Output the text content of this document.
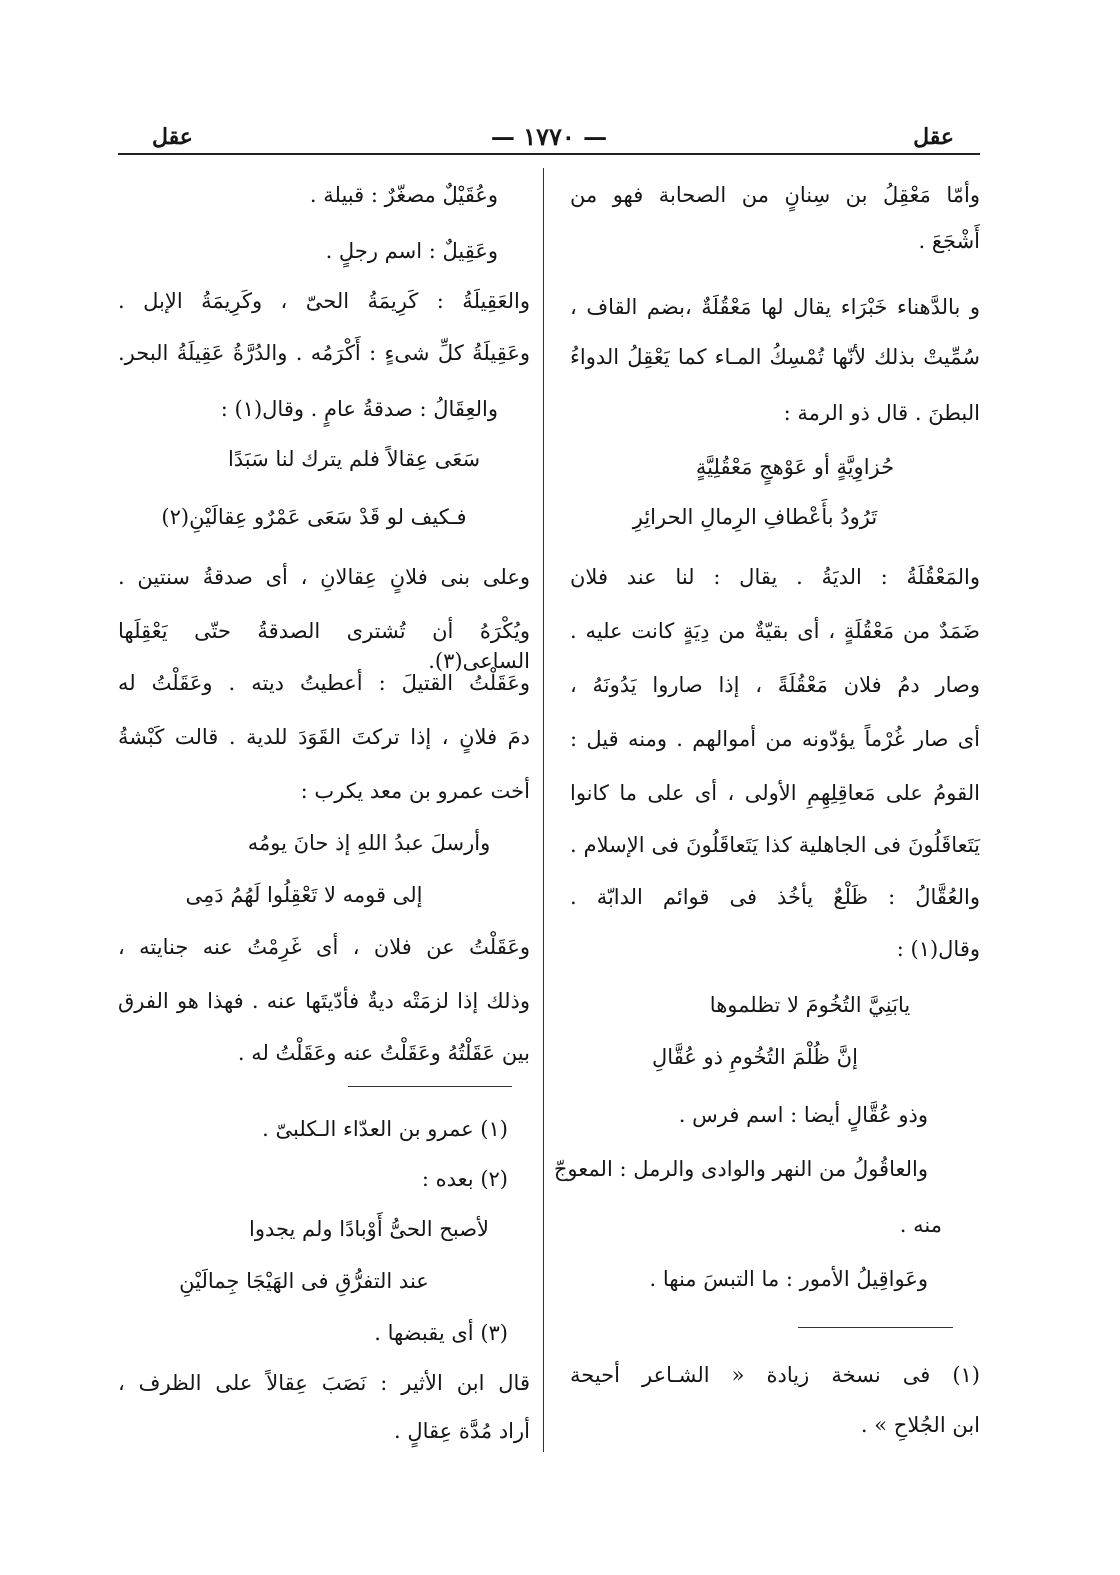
عقل	— ١٧٧٠ —	عقل
وأمّا مَعْقِلُ بن سِنانٍ من الصحابة فهو من
أَشْجَعَ .
و بالدَّهناء خَبْرَاء يقال لها مَعْقُلَةٌ ،بضم القاف ،
سُمِّيتْ بذلك لأنّها تُمْسِكُ المـاء كما يَعْقِلُ الدواءُ
البطنَ . قال ذو الرمة :
حُزاوِيَّةٍ أو عَوْهجٍ مَعْقُلِيَّةٍ
تَرُودُ بأَعْطافِ الرِمالِ الحرائِرِ
والمَعْقُلَةُ : الديَةُ . يقال : لنا عند فلان
ضَمَدٌ من مَعْقُلَةٍ ، أى بقيّةٌ من دِيَةٍ كانت عليه .
وصار دمُ فلان مَعْقُلَةً ، إذا صاروا يَدُونَهُ ،
أى صار غُرْماً يؤدّونه من أموالهم . ومنه قيل :
القومُ على مَعاقِلِهِمِ الأولى ، أى على ما كانوا
يَتَعاقَلُونَ فى الجاهلية كذا يَتَعاقَلُونَ فى الإسلام .
والعُقَّالُ : ظَلْعٌ يأخُذ فى قوائم الدابّة .
وقال(١) :
يابَنِيَّ التُخُومَ لا تظلموها
إنَّ ظُلْمَ التُخُومِ ذو عُقَّالِ
وذو عُقَّالٍ أيضا : اسم فرس .
والعاقُولُ من النهر والوادى والرمل : المعوجّ
منه .
وعَواقِيلُ الأمور : ما التبسَ منها .
(١) فى نسخة زيادة « الشـاعر أحيحة
ابن الجُلاحِ » .
وعُقَيْلٌ مصغّرٌ : قبيلة .
وعَقِيلٌ : اسم رجلٍ .
والعَقِيلَةُ : كَرِيمَةُ الحىّ ، وكَرِيمَةُ الإبل .
وعَقِيلَةُ كلِّ شىءٍ : أَكْرَمُه . والدُرَّةُ عَقِيلَةُ البحر.
والعِقَالُ : صدقةُ عامٍ . وقال(١) :
سَعَى عِقالاً فلم يترك لنا سَبَدًا
فـكيف لو قَدْ سَعَى عَمْرٌو عِقالَيْنِ(٢)
وعلى بنى فلانٍ عِقالانِ ، أى صدقةُ سنتين .
ويُكْرَهُ أن تُشترى الصدقةُ حتّى يَعْقِلَها الساعى(٣).
وعَقَلْتُ القتيلَ : أعطيتُ ديته . وعَقَلْتُ له
دمَ فلانٍ ، إذا تركتَ القَوَدَ للدية . قالت كَبْشةُ
أخت عمرو بن معد يكرب :
وأرسلَ عبدُ اللهِ إذ حانَ يومُه
إلى قومه لا تَعْقِلُوا لَهُمُ دَمِى
وعَقَلْتُ عن فلان ، أى غَرِمْتُ عنه جنايته ،
وذلك إذا لزمَتْه ديةٌ فأدّيتَها عنه . فهذا هو الفرق
بين عَقَلْتُهُ وعَقَلْتُ عنه وعَقَلْتُ له .
(١) عمرو بن العدّاء الـكلبىّ .
(٢) بعده :
لأصبح الحىُّ أَوْبادًا ولم يجدوا
عند التفرُّقِ فى الهَيْجَا جِمالَيْنِ
(٣) أى يقبضها .
قال ابن الأثير : نَصَبَ عِقالاً على الظرف ،
أراد مُدَّة عِقالٍ .
